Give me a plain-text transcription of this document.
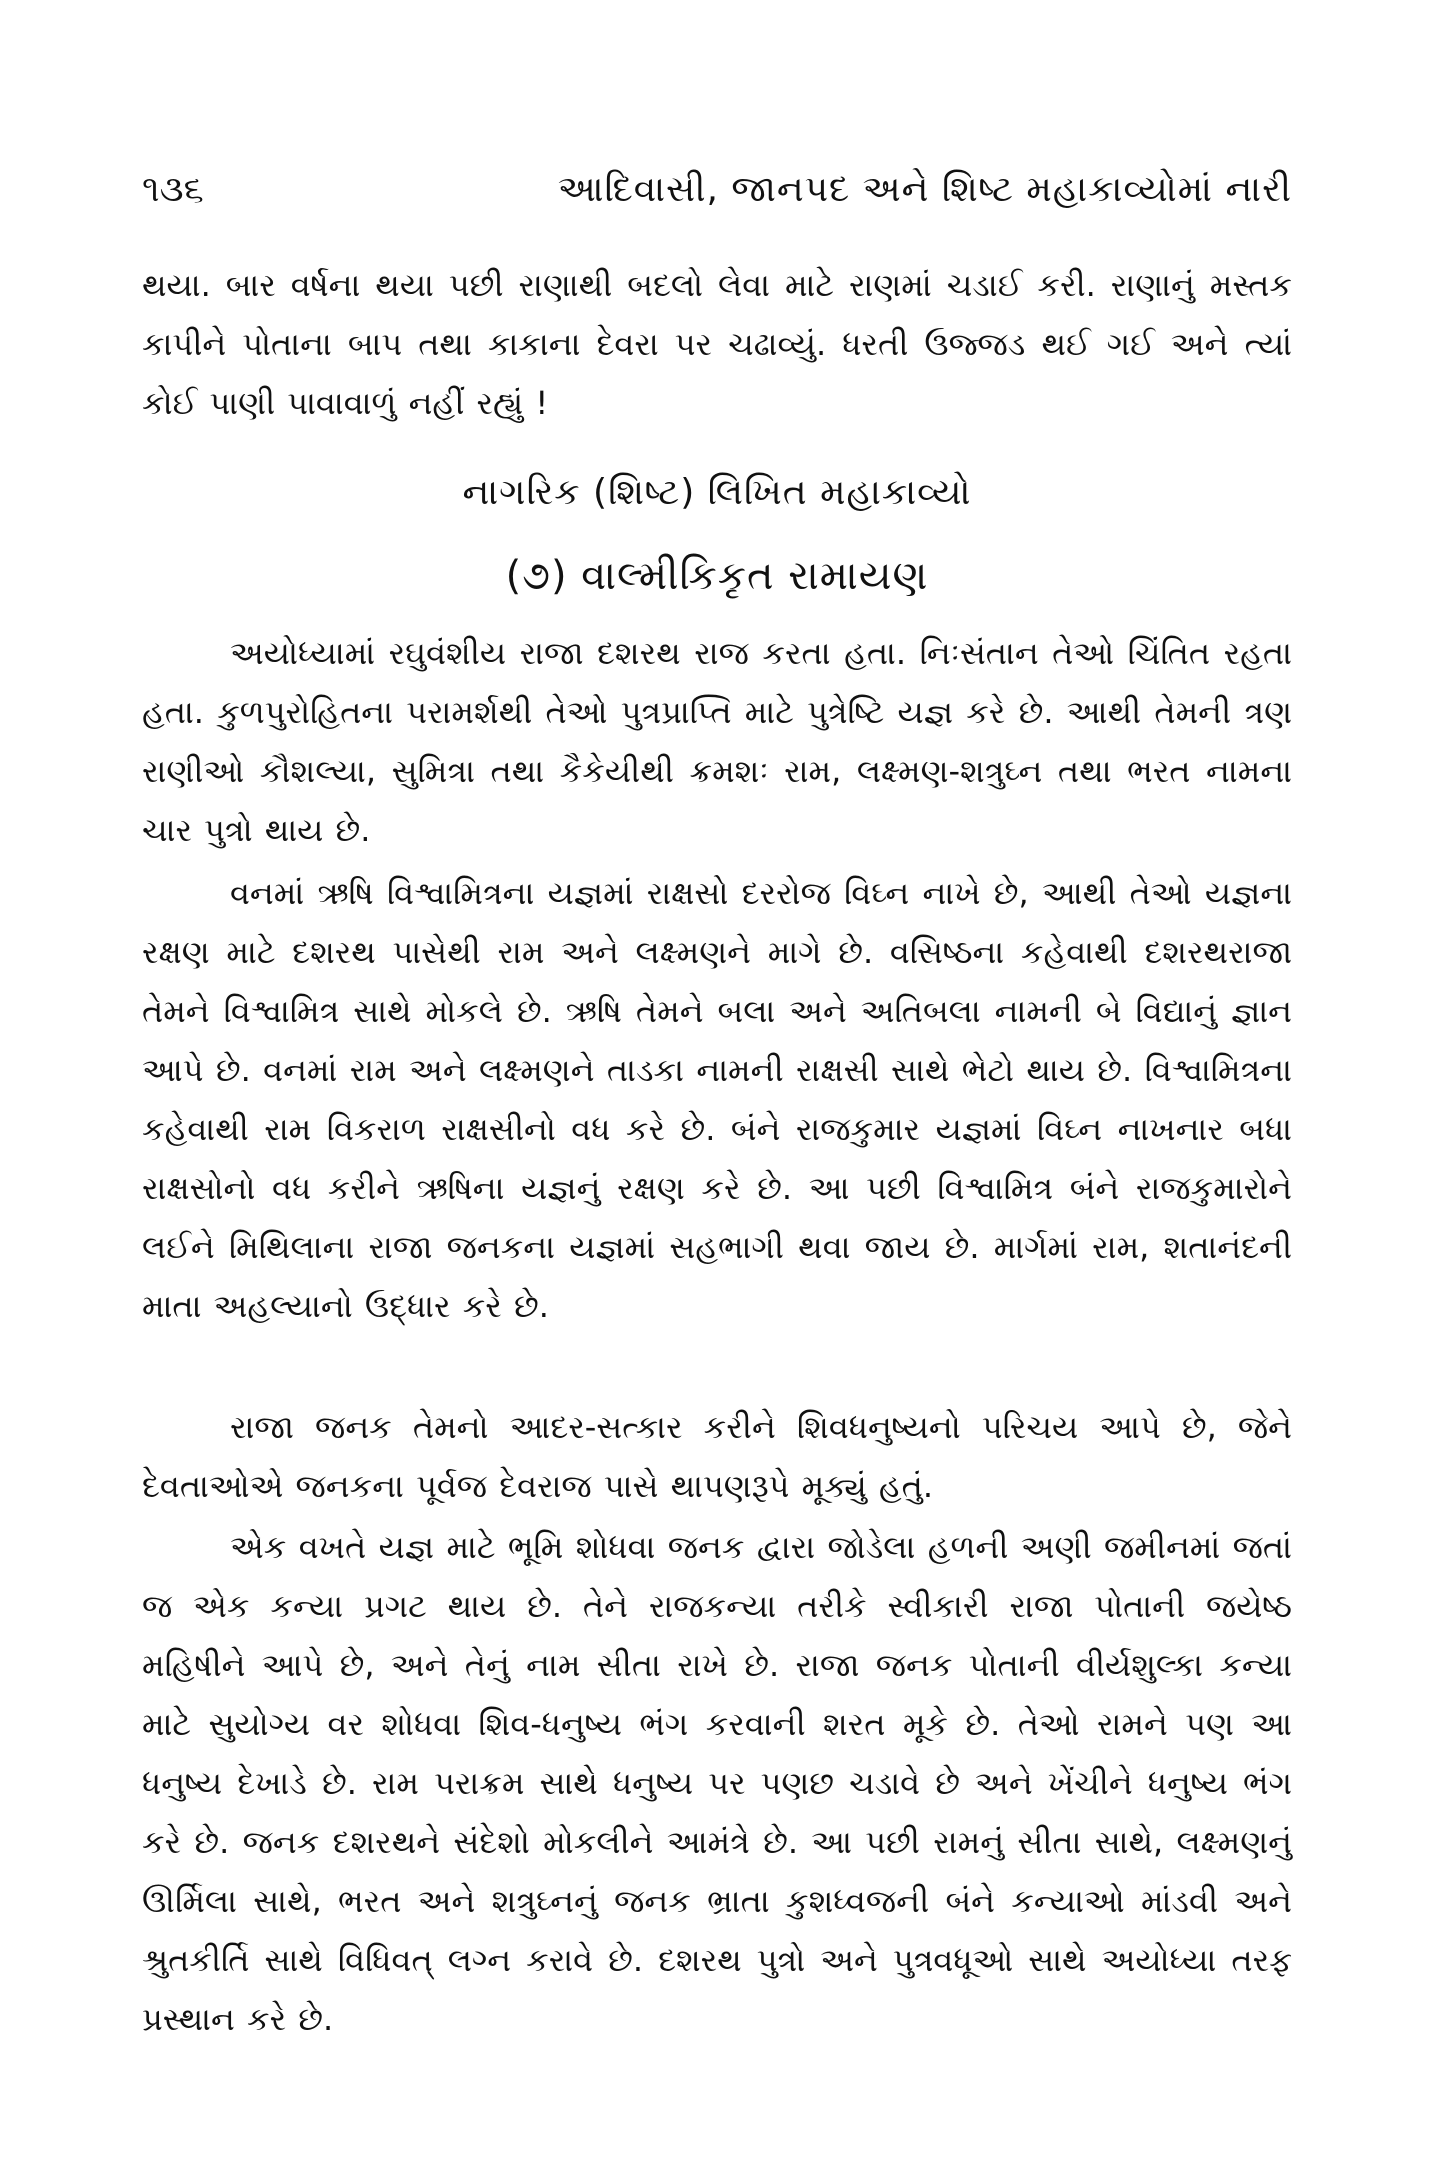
૧૩૬	આદિવાસી, જાનપદ અને શિષ્ટ મહાકાવ્યોમાં નારી

થયા. બાર વર્ષના થયા પછી રાણાથી બદલો લેવા માટે રાણમાં ચડાઈ કરી. રાણાનું મસ્તક કાપીને પોતાના બાપ તથા કાકાના દેવરા પર ચઢાવ્યું. ધરતી ઉજ્જડ થઈ ગઈ અને ત્યાં કોઈ પાણી પાવાવાળું નહીં રહ્યું !

નાગરિક (શિષ્ટ) લિખિત મહાકાવ્યો
(૭) વાલ્મીકિકૃત રામાયણ

અયોધ્યામાં રઘુવંશીય રાજા દશરથ રાજ કરતા હતા. નિઃસંતાન તેઓ ચિંતિત રહતા હતા. કુળપુરોહિતના પરામર્શથી તેઓ પુત્રપ્રાપ્તિ માટે પુત્રેષ્ટિ યજ્ઞ કરે છે. આથી તેમની ત્રણ રાણીઓ કૌશલ્યા, સુમિત્રા તથા કૈકેયીથી ક્રમશઃ રામ, લક્ષ્મણ-શત્રુઘ્ન તથા ભરત નામના ચાર પુત્રો થાય છે.

વનમાં ઋષિ વિશ્વામિત્રના યજ્ઞમાં રાક્ષસો દરરોજ વિઘ્ન નાખે છે, આથી તેઓ યજ્ઞના રક્ષણ માટે દશરથ પાસેથી રામ અને લક્ષ્મણને માગે છે. વસિષ્ઠના કહેવાથી દશરથરાજા તેમને વિશ્વામિત્ર સાથે મોકલે છે. ઋષિ તેમને બલા અને અતિબલા નામની બે વિદ્યાનું જ્ઞાન આપે છે. વનમાં રામ અને લક્ષ્મણને તાડકા નામની રાક્ષસી સાથે ભેટો થાય છે. વિશ્વામિત્રના કહેવાથી રામ વિકરાળ રાક્ષસીનો વધ કરે છે. બંને રાજકુમાર યજ્ઞમાં વિઘ્ન નાખનાર બધા રાક્ષસોનો વધ કરીને ઋષિના યજ્ઞનું રક્ષણ કરે છે. આ પછી વિશ્વામિત્ર બંને રાજકુમારોને લઈને મિથિલાના રાજા જનકના યજ્ઞમાં સહભાગી થવા જાય છે. માર્ગમાં રામ, શતાનંદની માતા અહલ્યાનો ઉદ્ધાર કરે છે.

રાજા જનક તેમનો આદર-સત્કાર કરીને શિવધનુષ્યનો પરિચય આપે છે, જેને દેવતાઓએ જનકના પૂર્વજ દેવરાજ પાસે થાપણરૂપે મૂક્યું હતું.

એક વખતે યજ્ઞ માટે ભૂમિ શોધવા જનક દ્વારા જોડેલા હળની અણી જમીનમાં જતાં જ એક કન્યા પ્રગટ થાય છે. તેને રાજકન્યા તરીકે સ્વીકારી રાજા પોતાની જયેષ્ઠ મહિષીને આપે છે, અને તેનું નામ સીતા રાખે છે. રાજા જનક પોતાની વીર્યશુલ્કા કન્યા માટે સુયોગ્ય વર શોધવા શિવ-ધનુષ્ય ભંગ કરવાની શરત મૂકે છે. તેઓ રામને પણ આ ધનુષ્ય દેખાડે છે. રામ પરાક્રમ સાથે ધનુષ્ય પર પણછ ચડાવે છે અને ખેંચીને ધનુષ્ય ભંગ કરે છે. જનક દશરથને સંદેશો મોકલીને આમંત્રે છે. આ પછી રામનું સીતા સાથે, લક્ષ્મણનું ઊર્મિલા સાથે, ભરત અને શત્રુઘ્નનું જનક ભ્રાતા કુશધ્વજની બંને કન્યાઓ માંડવી અને શ્રુતકીર્તિ સાથે વિધિવત્ લગ્ન કરાવે છે. દશરથ પુત્રો અને પુત્રવધૂઓ સાથે અયોધ્યા તરફ પ્રસ્થાન કરે છે.
